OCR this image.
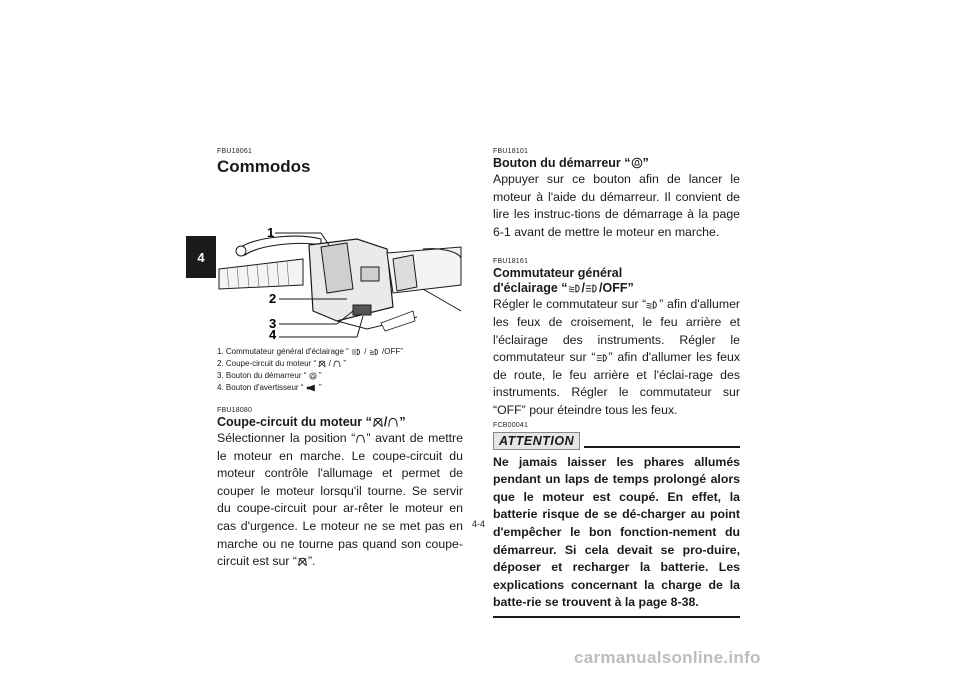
4
FBU18061
Commodos
1
2
3
4
1. Commutateur général d'éclairage “ / /OFF”
2. Coupe-circuit du moteur “ / ”
3. Bouton du démarreur “ ”
4. Bouton d'avertisseur “ ”
FBU18080
Coupe-circuit du moteur “ / ”
Sélectionner la position “ ” avant de mettre le moteur en marche. Le coupe-circuit du moteur contrôle l'allumage et permet de couper le moteur lorsqu'il tourne. Se servir du coupe-circuit pour ar-rêter le moteur en cas d'urgence. Le moteur ne se met pas en marche ou ne tourne pas quand son coupe-circuit est sur “ ”.
FBU18101
Bouton du démarreur “ ”
Appuyer sur ce bouton afin de lancer le moteur à l'aide du démarreur. Il convient de lire les instruc-tions de démarrage à la page 6-1 avant de mettre le moteur en marche.
FBU18161
Commutateur général
d'éclairage “ / /OFF”
Régler le commutateur sur “ ” afin d'allumer les feux de croisement, le feu arrière et l'éclairage des instruments. Régler le commutateur sur “ ” afin d'allumer les feux de route, le feu arrière et l'éclai-rage des instruments. Régler le commutateur sur “OFF” pour éteindre tous les feux.
FCB00041
ATTENTION
Ne jamais laisser les phares allumés pendant un laps de temps prolongé alors que le moteur est coupé. En effet, la batterie risque de se dé-charger au point d'empêcher le bon fonction-nement du démarreur. Si cela devait se pro-duire, déposer et recharger la batterie. Les explications concernant la charge de la batte-rie se trouvent à la page 8-38.
4-4
carmanualsonline.info
